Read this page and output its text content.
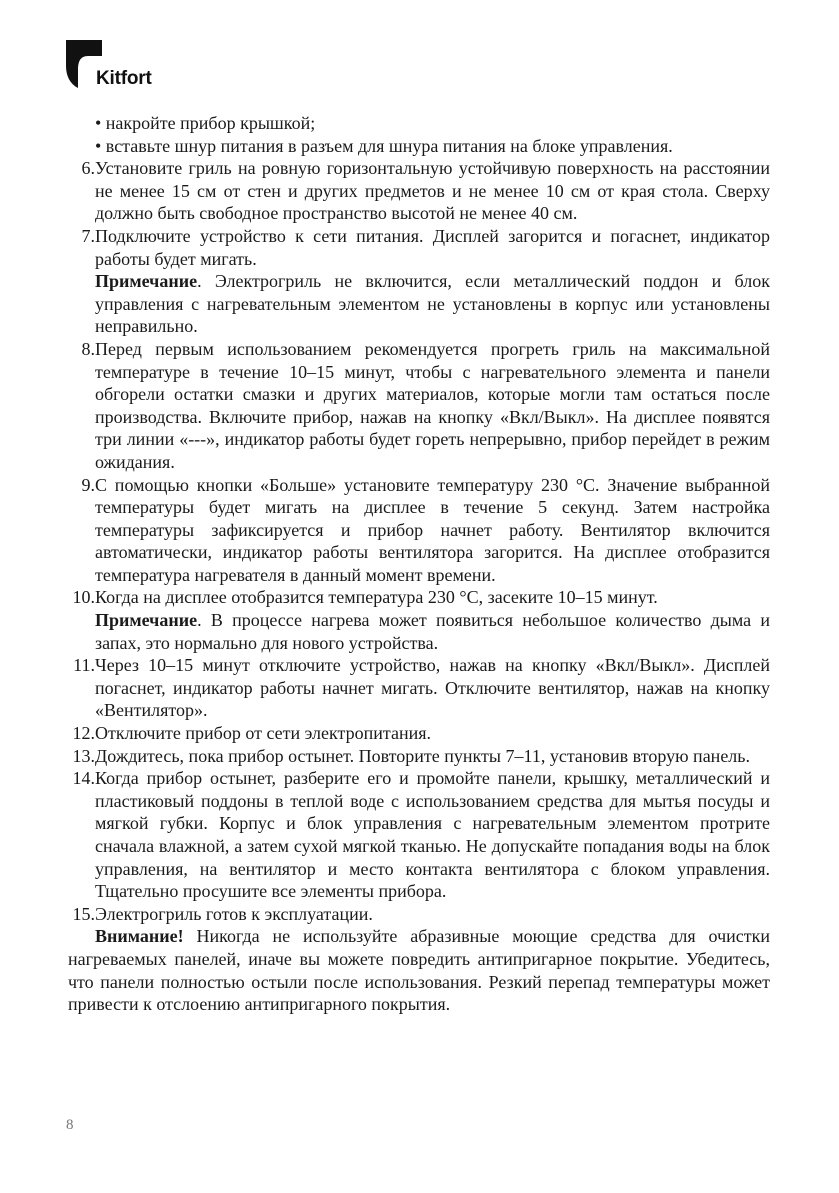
Kitfort
• накройте прибор крышкой;
• вставьте шнур питания в разъем для шнура питания на блоке управления.
6. Установите гриль на ровную горизонтальную устойчивую поверхность на расстоянии не менее 15 см от стен и других предметов и не менее 10 см от края стола. Сверху должно быть свободное пространство высотой не менее 40 см.
7. Подключите устройство к сети питания. Дисплей загорится и погаснет, индикатор работы будет мигать.
Примечание. Электрогриль не включится, если металлический поддон и блок управления с нагревательным элементом не установлены в корпус или установлены неправильно.
8. Перед первым использованием рекомендуется прогреть гриль на максимальной температуре в течение 10–15 минут, чтобы с нагревательного элемента и панели обгорели остатки смазки и других материалов, которые могли там остаться после производства. Включите прибор, нажав на кнопку «Вкл/Выкл». На дисплее появятся три линии «---», индикатор работы будет гореть непрерывно, прибор перейдет в режим ожидания.
9. С помощью кнопки «Больше» установите температуру 230 °С. Значение выбранной температуры будет мигать на дисплее в течение 5 секунд. Затем настройка температуры зафиксируется и прибор начнет работу. Вентилятор включится автоматически, индикатор работы вентилятора загорится. На дисплее отобразится температура нагревателя в данный момент времени.
10. Когда на дисплее отобразится температура 230 °С, засеките 10–15 минут.
Примечание. В процессе нагрева может появиться небольшое количество дыма и запах, это нормально для нового устройства.
11. Через 10–15 минут отключите устройство, нажав на кнопку «Вкл/Выкл». Дисплей погаснет, индикатор работы начнет мигать. Отключите вентилятор, нажав на кнопку «Вентилятор».
12. Отключите прибор от сети электропитания.
13. Дождитесь, пока прибор остынет. Повторите пункты 7–11, установив вторую панель.
14. Когда прибор остынет, разберите его и промойте панели, крышку, металлический и пластиковый поддоны в теплой воде с использованием средства для мытья посуды и мягкой губки. Корпус и блок управления с нагревательным элементом протрите сначала влажной, а затем сухой мягкой тканью. Не допускайте попадания воды на блок управления, на вентилятор и место контакта вентилятора с блоком управления. Тщательно просушите все элементы прибора.
15. Электрогриль готов к эксплуатации.
Внимание! Никогда не используйте абразивные моющие средства для очистки нагреваемых панелей, иначе вы можете повредить антипригарное покрытие. Убедитесь, что панели полностью остыли после использования. Резкий перепад температуры может привести к отслоению антипригарного покрытия.
8
